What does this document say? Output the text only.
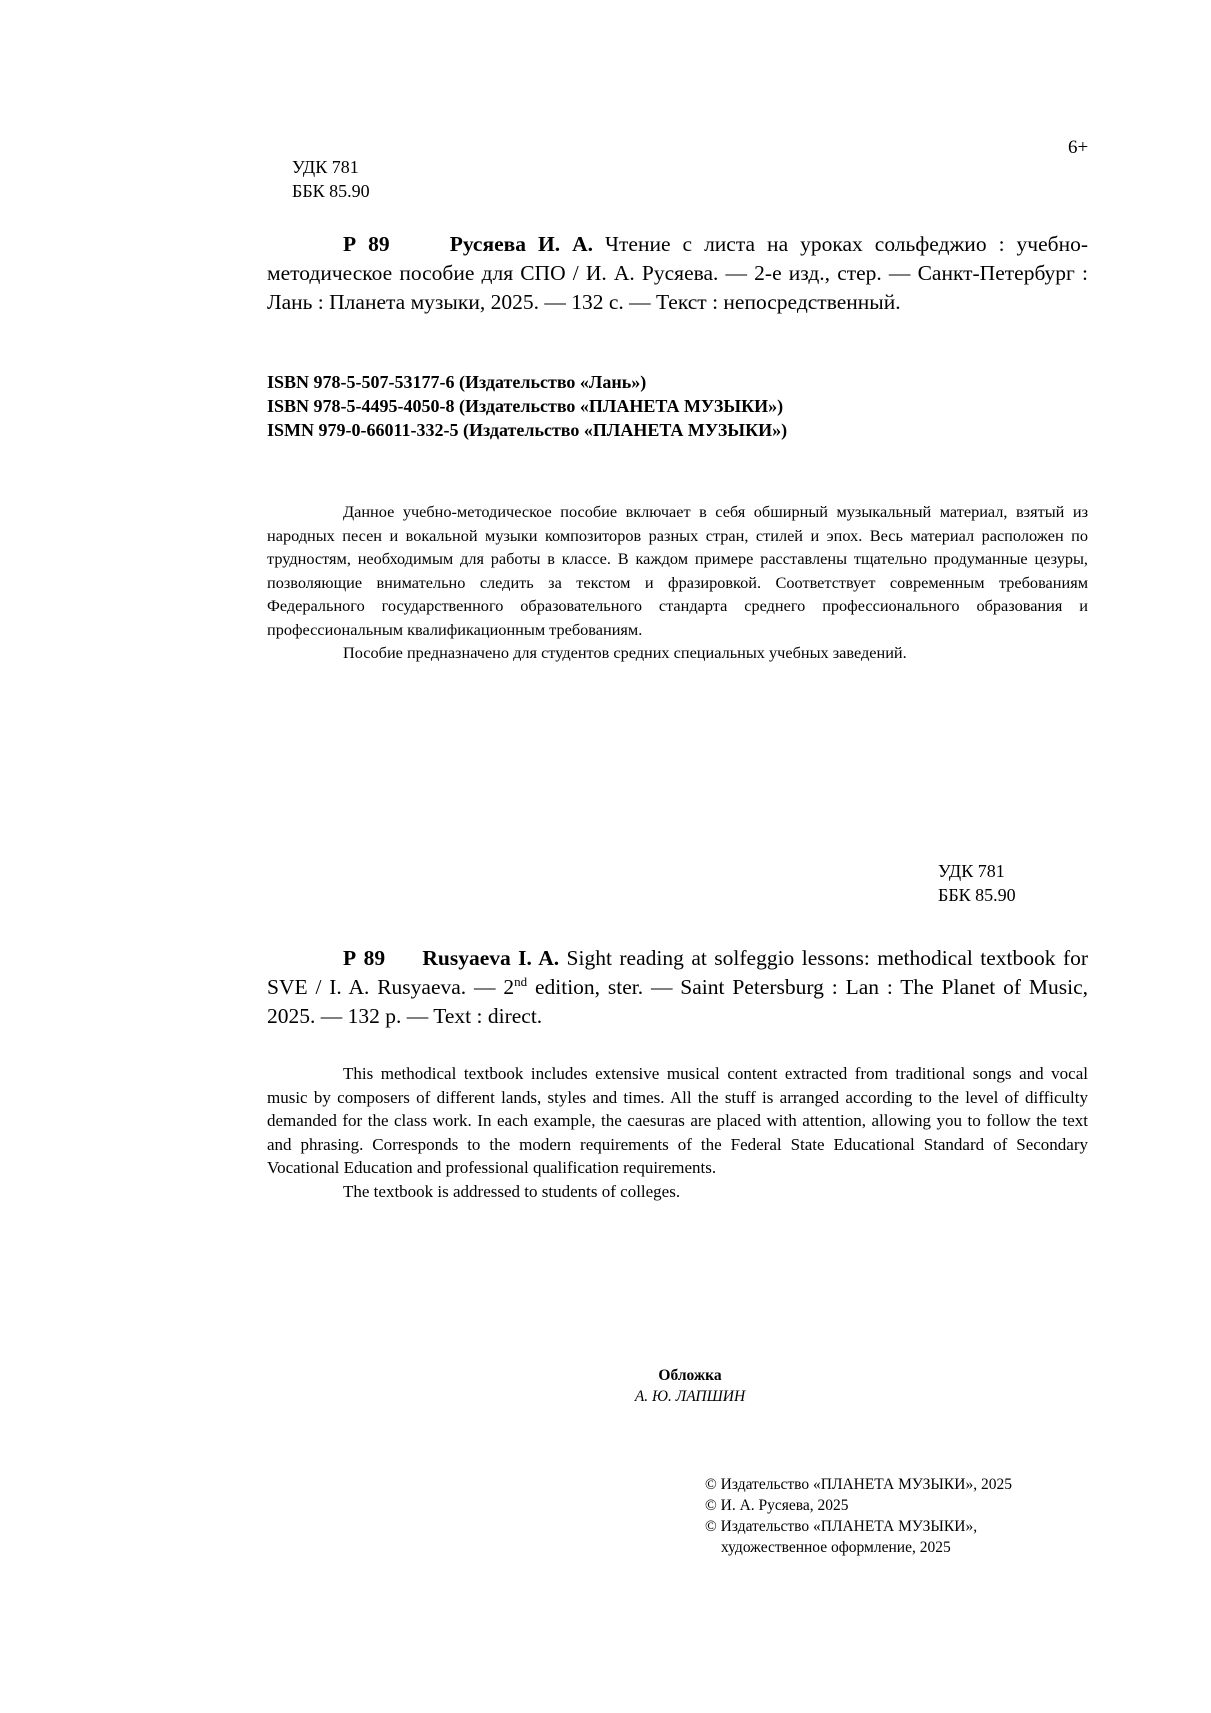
6+
УДК 781
ББК 85.90
Р 89	Русяева И. А. Чтение с листа на уроках сольфеджио : учебно-методическое пособие для СПО / И. А. Русяева. — 2-е изд., стер. — Санкт-Петербург : Лань : Планета музыки, 2025. — 132 с. — Текст : непосредственный.
ISBN 978-5-507-53177-6 (Издательство «Лань»)
ISBN 978-5-4495-4050-8 (Издательство «ПЛАНЕТА МУЗЫКИ»)
ISMN 979-0-66011-332-5 (Издательство «ПЛАНЕТА МУЗЫКИ»)

Данное учебно-методическое пособие включает в себя обширный музыкальный материал, взятый из народных песен и вокальной музыки композиторов разных стран, стилей и эпох. Весь материал расположен по трудностям, необходимым для работы в классе. В каждом примере расставлены тщательно продуманные цезуры, позволяющие внимательно следить за текстом и фразировкой. Соответствует современным требованиям Федерального государственного образовательного стандарта среднего профессионального образования и профессиональным квалификационным требованиям.

Пособие предназначено для студентов средних специальных учебных заведений.

УДК 781
ББК 85.90
Р 89 Rusyaeva I. A. Sight reading at solfeggio lessons: methodical textbook for SVE / I. A. Rusyaeva. — 2nd edition, ster. — Saint Petersburg : Lan : The Planet of Music, 2025. — 132 p. — Text : direct.

This methodical textbook includes extensive musical content extracted from traditional songs and vocal music by composers of different lands, styles and times. All the stuff is arranged according to the level of difficulty demanded for the class work. In each example, the caesuras are placed with attention, allowing you to follow the text and phrasing. Corresponds to the modern requirements of the Federal State Educational Standard of Secondary Vocational Education and professional qualification requirements.

The textbook is addressed to students of colleges.

Обложка
А. Ю. ЛАПШИН
© Издательство «ПЛАНЕТА МУЗЫКИ», 2025
© И. А. Русяева, 2025
© Издательство «ПЛАНЕТА МУЗЫКИ»,
художественное оформление, 2025
